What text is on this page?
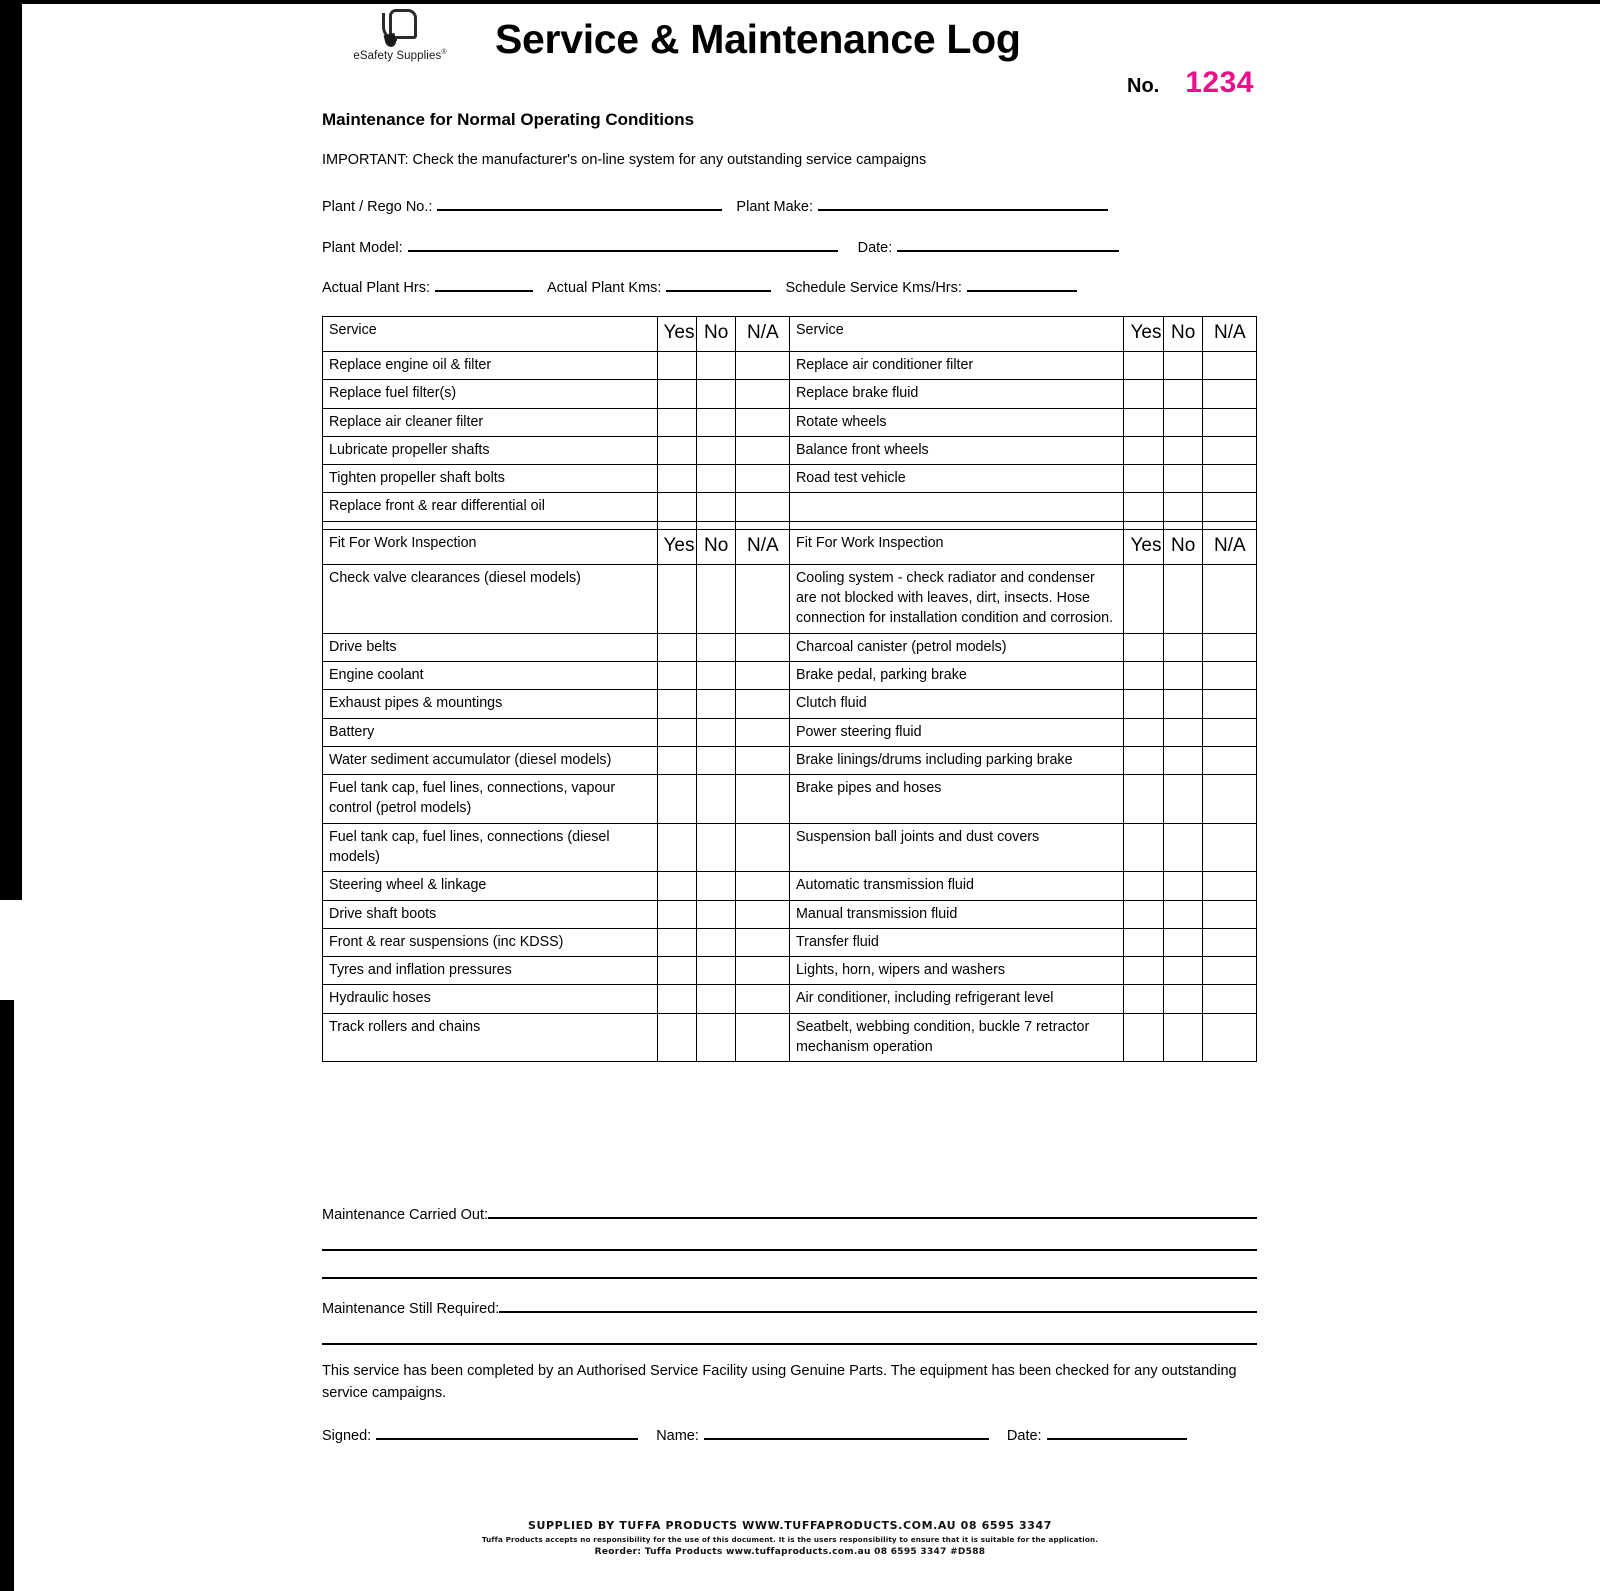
eSafety Supplies®	Service & Maintenance Log
No. 1234
Maintenance for Normal Operating Conditions
IMPORTANT: Check the manufacturer's on-line system for any outstanding service campaigns
Plant / Rego No.:	Plant Make:
Plant Model:	Date:
Actual Plant Hrs:	Actual Plant Kms:	Schedule Service Kms/Hrs:
Service	Yes	No	N/A	Service	Yes	No	N/A
Replace engine oil & filter				Replace air conditioner filter			
Replace fuel filter(s)				Replace brake fluid			
Replace air cleaner filter				Rotate wheels			
Lubricate propeller shafts				Balance front wheels			
Tighten propeller shaft bolts				Road test vehicle			
Replace front & rear differential oil							

Fit For Work Inspection	Yes	No	N/A	Fit For Work Inspection	Yes	No	N/A
Check valve clearances (diesel models)				Cooling system - check radiator and condenser are not blocked with leaves, dirt, insects. Hose connection for installation condition and corrosion.			
Drive belts				Charcoal canister (petrol models)			
Engine coolant				Brake pedal, parking brake			
Exhaust pipes & mountings				Clutch fluid			
Battery				Power steering fluid			
Water sediment accumulator (diesel models)				Brake linings/drums including parking brake			
Fuel tank cap, fuel lines, connections, vapour control (petrol models)				Brake pipes and hoses			
Fuel tank cap, fuel lines, connections (diesel models)				Suspension ball joints and dust covers			
Steering wheel & linkage				Automatic transmission fluid			
Drive shaft boots				Manual transmission fluid			
Front & rear suspensions (inc KDSS)				Transfer fluid			
Tyres and inflation pressures				Lights, horn, wipers and washers			
Hydraulic hoses				Air conditioner, including refrigerant level			
Track rollers and chains				Seatbelt, webbing condition, buckle 7 retractor mechanism operation			
Maintenance Carried Out:
Maintenance Still Required:
This service has been completed by an Authorised Service Facility using Genuine Parts. The equipment has been checked for any outstanding service campaigns.
Signed:	Name:	Date:
SUPPLIED BY TUFFA PRODUCTS WWW.TUFFAPRODUCTS.COM.AU 08 6595 3347
Tuffa Products accepts no responsibility for the use of this document. It is the users responsibility to ensure that it is suitable for the application.
Reorder: Tuffa Products www.tuffaproducts.com.au 08 6595 3347 #D588
